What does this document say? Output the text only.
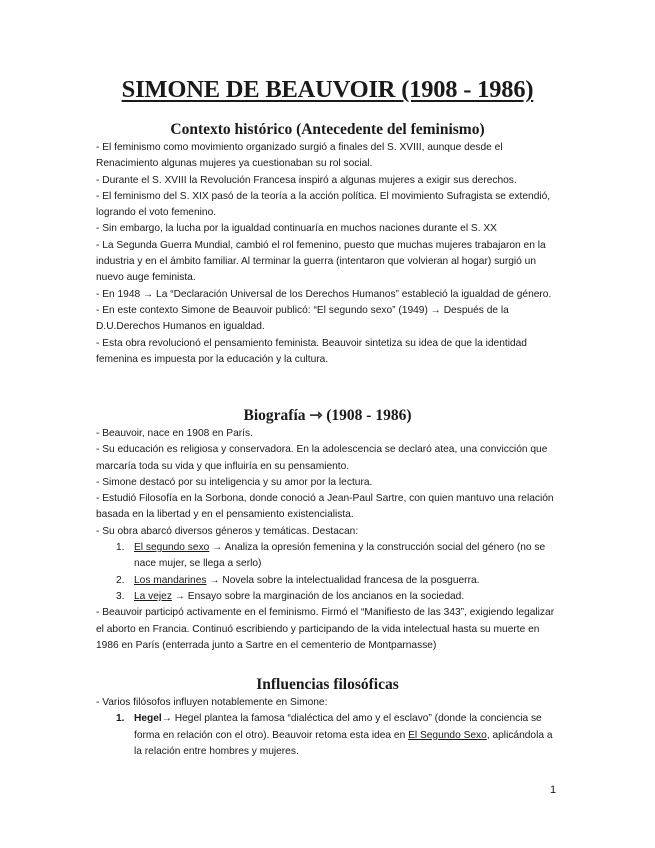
SIMONE DE BEAUVOIR (1908 - 1986)
Contexto histórico (Antecedente del feminismo)

- El feminismo como movimiento organizado surgió a finales del S. XVIII, aunque desde el Renacimiento algunas mujeres ya cuestionaban su rol social.

- Durante el S. XVIII la Revolución Francesa inspiró a algunas mujeres a exigir sus derechos.

- El feminismo del S. XIX pasó de la teoría a la acción política. El movimiento Sufragista se extendió, logrando el voto femenino.

- Sin embargo, la lucha por la igualdad continuaría en muchos naciones durante el S. XX

- La Segunda Guerra Mundial, cambió el rol femenino, puesto que muchas mujeres trabajaron en la industria y en el ámbito familiar. Al terminar la guerra (intentaron que volvieran al hogar) surgió un nuevo auge feminista.

- En 1948 → La “Declaración Universal de los Derechos Humanos” estableció la igualdad de género.

- En este contexto Simone de Beauvoir publicó: “El segundo sexo” (1949) → Después de la D.U.Derechos Humanos en igualdad.

- Esta obra revolucionó el pensamiento feminista. Beauvoir sintetiza su idea de que la identidad femenina es impuesta por la educación y la cultura.

Biografía ⇾ (1908 - 1986)

- Beauvoir, nace en 1908 en París.

- Su educación es religiosa y conservadora. En la adolescencia se declaró atea, una convicción que marcaría toda su vida y que influiría en su pensamiento.

- Simone destacó por su inteligencia y su amor por la lectura.

- Estudió Filosofía en la Sorbona, donde conoció a Jean-Paul Sartre, con quien mantuvo una relación basada en la libertad y en el pensamiento existencialista.

- Su obra abarcó diversos géneros y temáticas. Destacan:

1. El segundo sexo → Analiza la opresión femenina y la construcción social del género (no se nace mujer, se llega a serlo)
2. Los mandarines → Novela sobre la intelectualidad francesa de la posguerra.
3. La vejez → Ensayo sobre la marginación de los ancianos en la sociedad.

- Beauvoir participó activamente en el feminismo. Firmó el “Manifiesto de las 343”, exigiendo legalizar el aborto en Francia. Continuó escribiendo y participando de la vida intelectual hasta su muerte en 1986 en París (enterrada junto a Sartre en el cementerio de Montparnasse)

Influencias filosóficas

- Varios filósofos influyen notablemente en Simone:

1. Hegel→ Hegel plantea la famosa “dialéctica del amo y el esclavo” (donde la conciencia se forma en relación con el otro). Beauvoir retoma esta idea en El Segundo Sexo, aplicándola a la relación entre hombres y mujeres.
1
